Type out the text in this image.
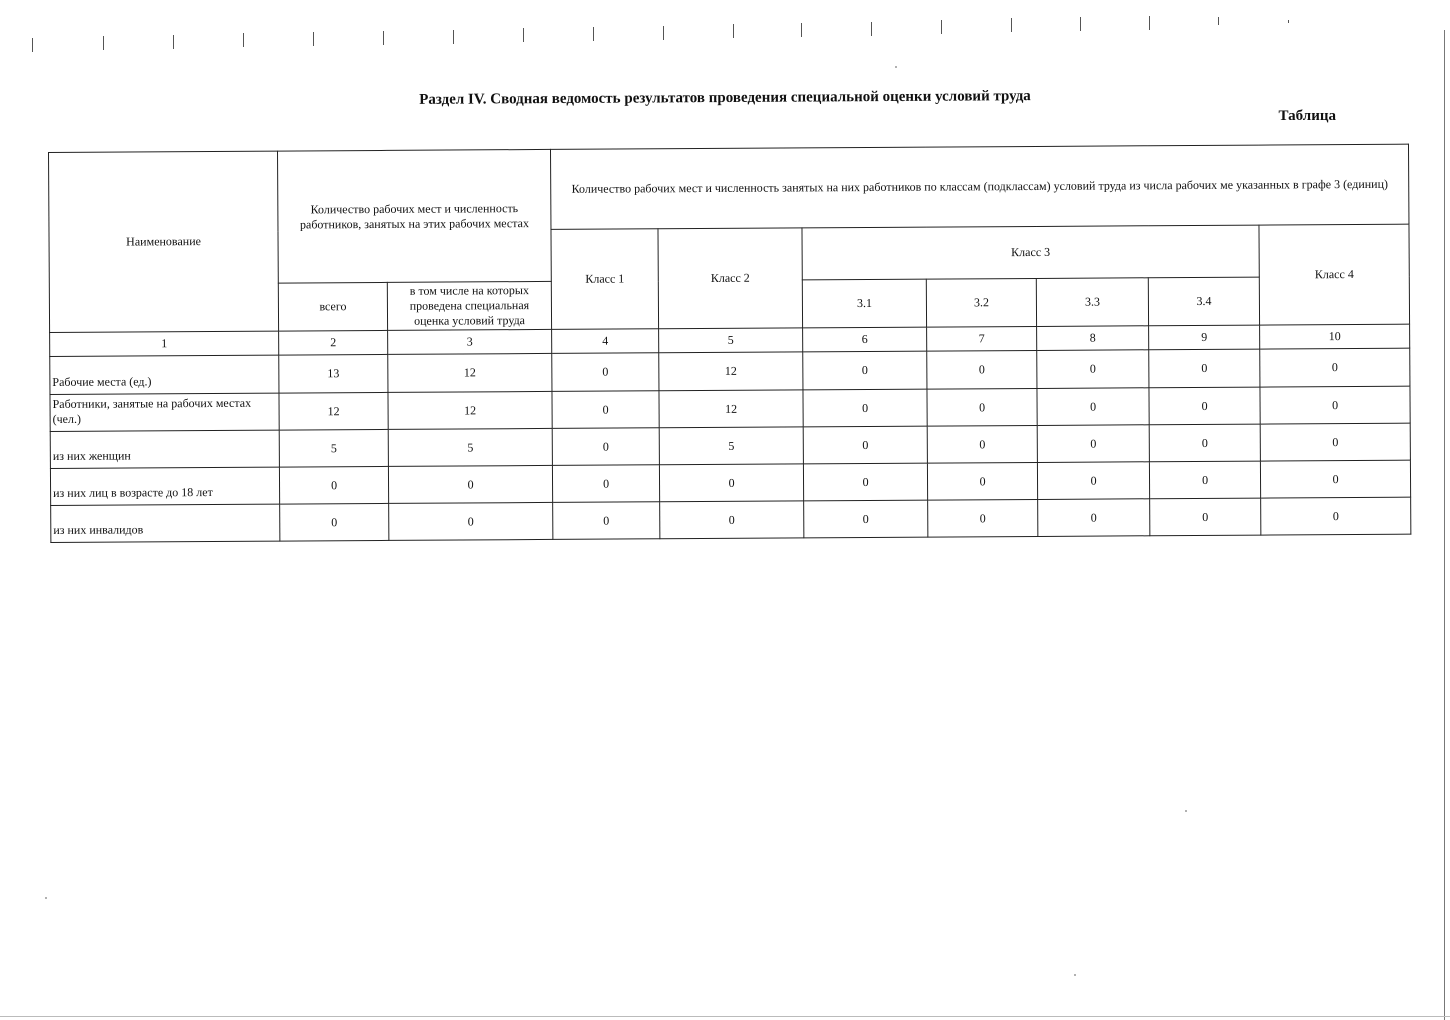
Раздел IV. Сводная ведомость результатов проведения специальной оценки условий труда
Таблица
Наименование	Количество рабочих мест и численность работников, занятых на этих рабочих местах		Количество рабочих мест и численность занятых на них работников по классам (подклассам) условий труда из числа рабочих ме указанных в графе 3 (единиц)						
			Класс 1	Класс 2	Класс 3				Класс 4
	всего	в том числе на которых проведена специальная оценка условий труда			3.1	3.2	3.3	3.4	
1	2	3	4	5	6	7	8	9	10
Рабочие места (ед.)	13	12	0	12	0	0	0	0	0
Работники, занятые на рабочих местах (чел.)	12	12	0	12	0	0	0	0	0
из них женщин	5	5	0	5	0	0	0	0	0
из них лиц в возрасте до 18 лет	0	0	0	0	0	0	0	0	0
из них инвалидов	0	0	0	0	0	0	0	0	0
